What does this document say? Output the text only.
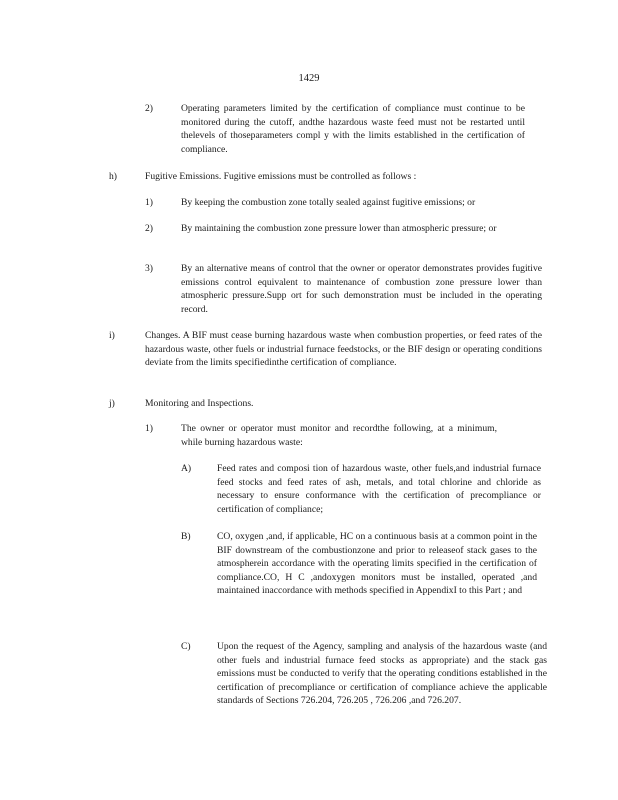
1429
2)	Operating parameters limited by the certification of compliance must continue to be monitored during the cutoff, andthe hazardous waste feed must not be restarted until thelevels of thoseparameters compl y with the limits established in the certification of compliance.
h)	Fugitive Emissions. Fugitive emissions must be controlled as follows :
1)	By keeping the combustion zone totally sealed against fugitive emissions; or
2)	By maintaining the combustion zone pressure lower than atmospheric pressure; or
3)	By an alternative means of control that the owner or operator demonstrates provides fugitive emissions control equivalent to maintenance of combustion zone pressure lower than atmospheric pressure.Supp ort for such demonstration must be included in the operating record.
i)	Changes. A BIF must cease burning hazardous waste when combustion properties, or feed rates of the hazardous waste, other fuels or industrial furnace feedstocks, or the BIF design or operating conditions deviate from the limits specifiedinthe certification of compliance.
j)	Monitoring and Inspections.
1)	The owner or operator must monitor and recordthe following, at a minimum, while burning hazardous waste:
A)	Feed rates and composi tion of hazardous waste, other fuels,and industrial furnace feed stocks and feed rates of ash, metals, and total chlorine and chloride as necessary to ensure conformance with the certification of precompliance or certification of compliance;
B)	CO, oxygen ,and, if applicable, HC on a continuous basis at a common point in the BIF downstream of the combustionzone and prior to releaseof stack gases to the atmospherein accordance with the operating limits specified in the certification of compliance.CO, H C ,andoxygen monitors must be installed, operated ,and maintained inaccordance with methods specified in AppendixI to this Part ; and
C)	Upon the request of the Agency, sampling and analysis of the hazardous waste (and other fuels and industrial furnace feed stocks as appropriate) and the stack gas emissions must be conducted to verify that the operating conditions established in the certification of precompliance or certification of compliance achieve the applicable standards of Sections 726.204, 726.205 , 726.206 ,and 726.207.
